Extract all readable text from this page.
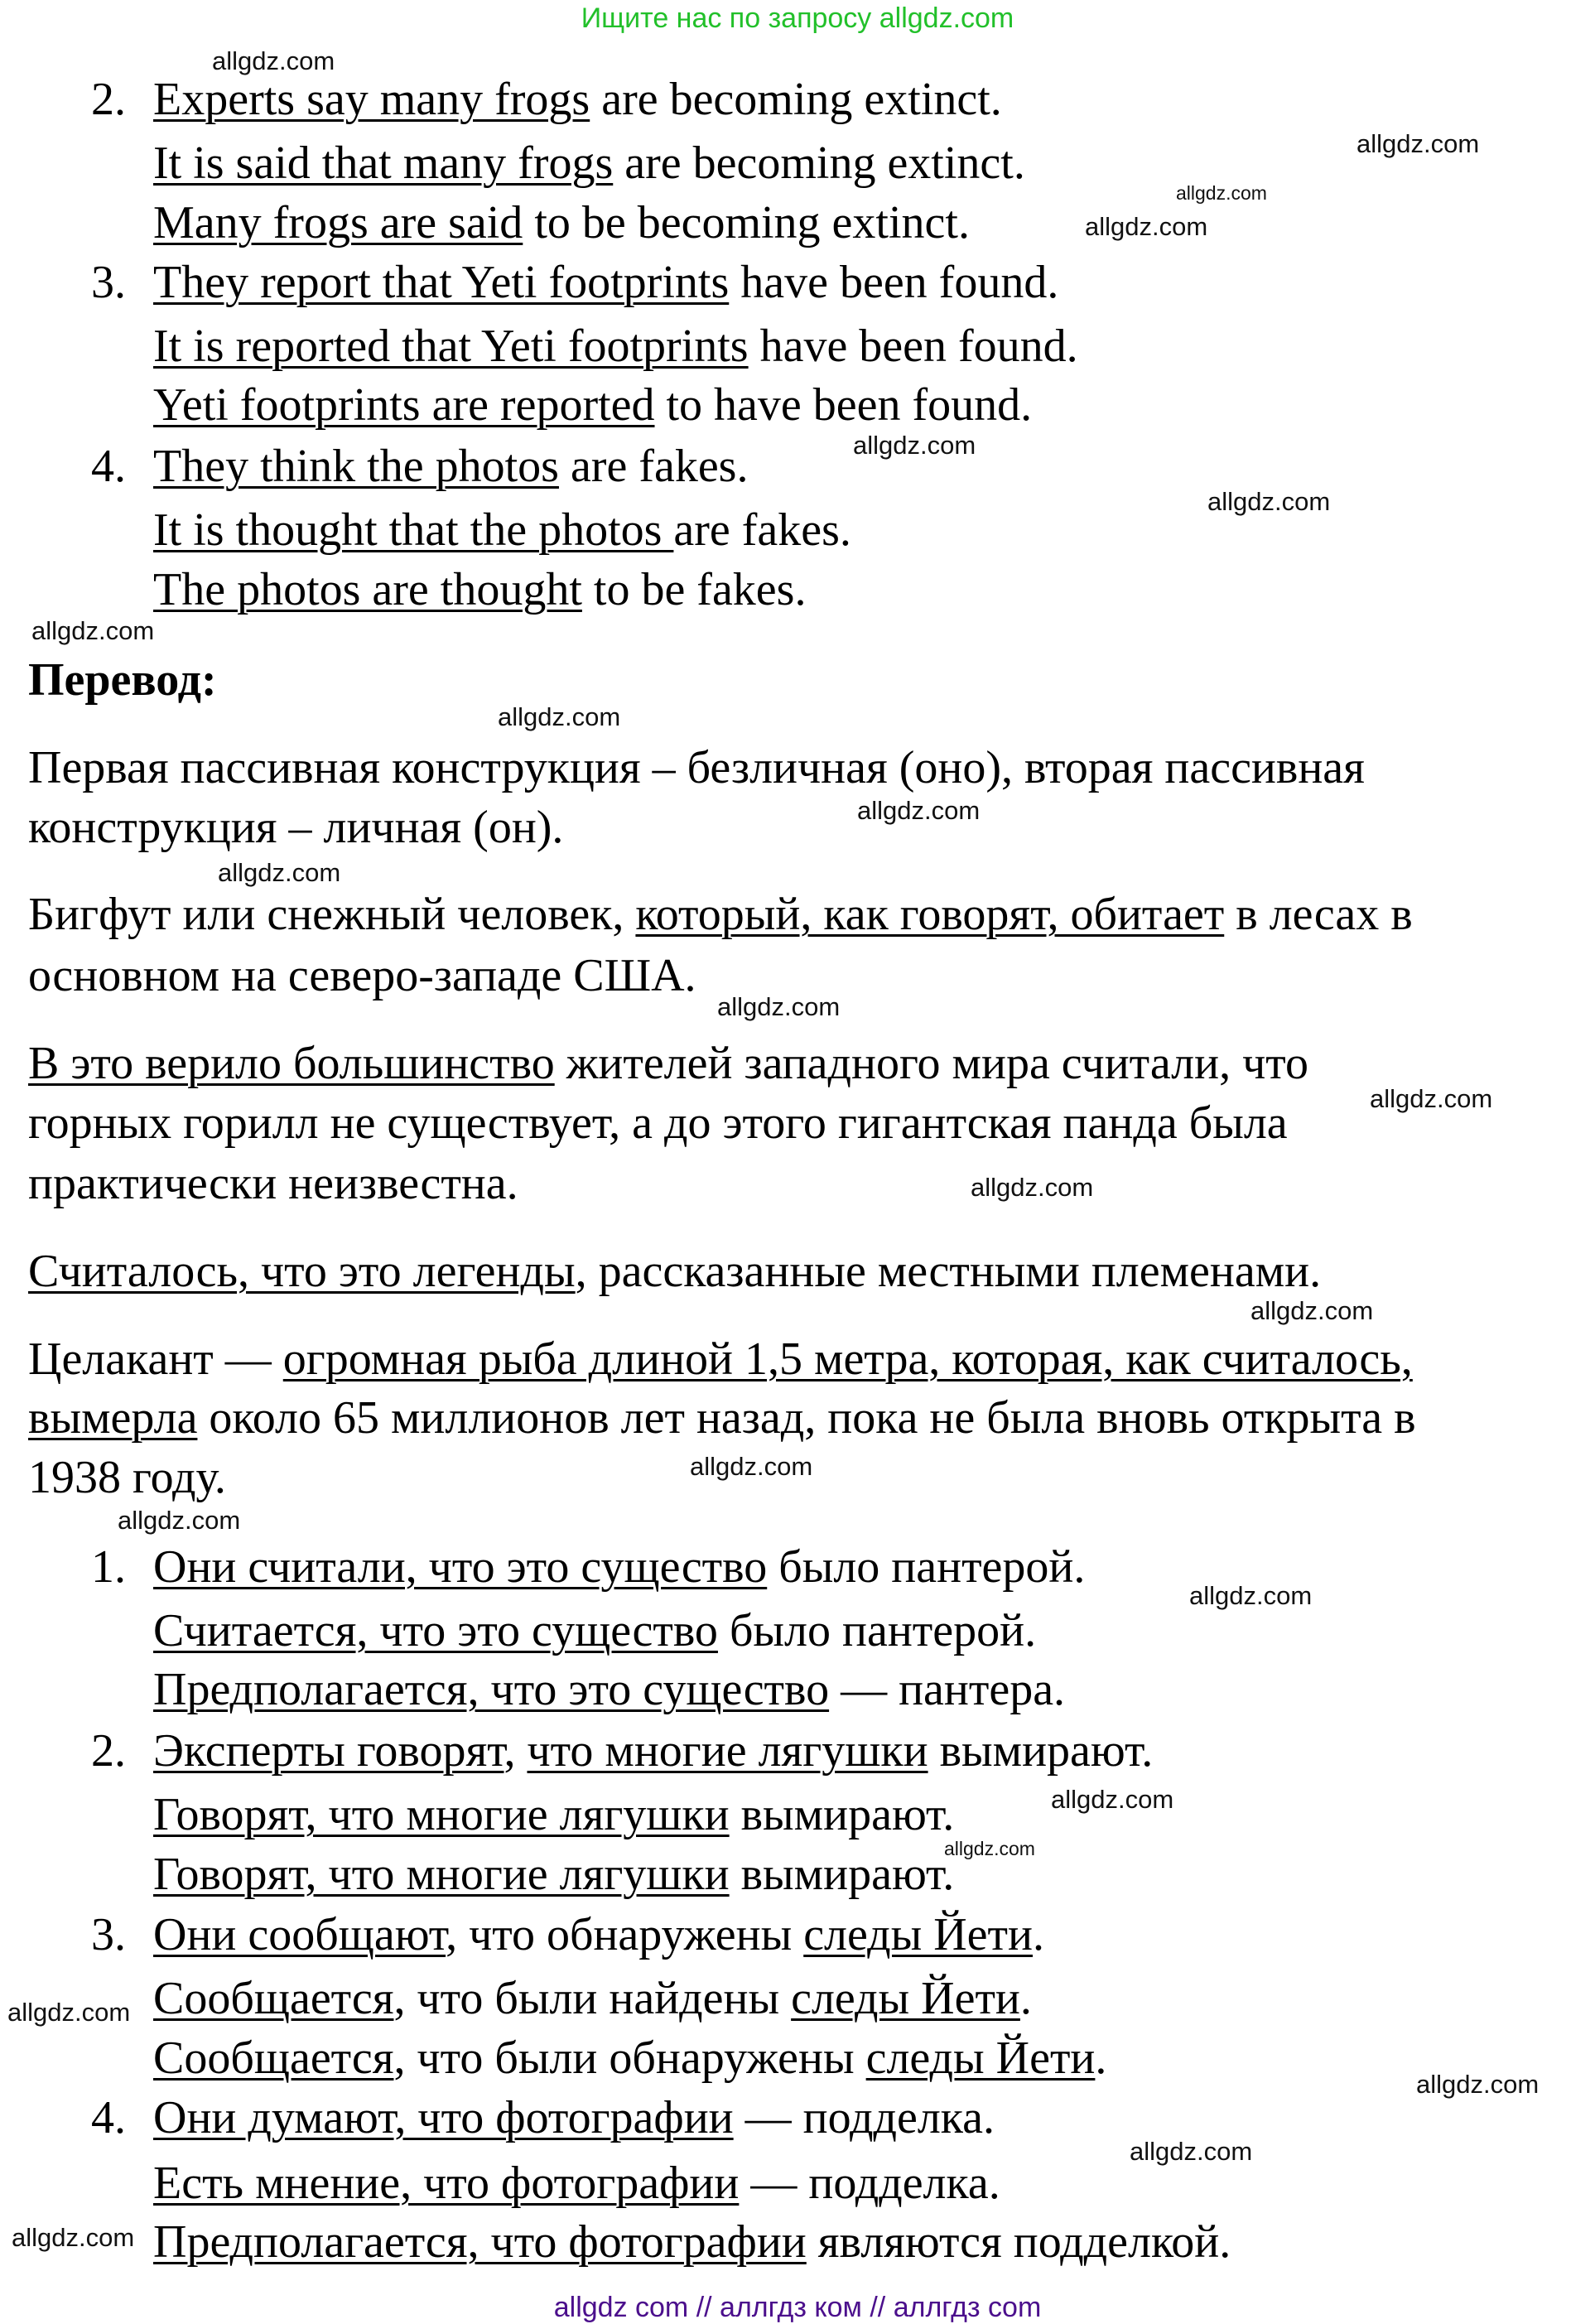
Ищите нас по запросу allgdz.com
2. Experts say many frogs are becoming extinct.
It is said that many frogs are becoming extinct.
Many frogs are said to be becoming extinct.
3. They report that Yeti footprints have been found.
It is reported that Yeti footprints have been found.
Yeti footprints are reported to have been found.
4. They think the photos are fakes.
It is thought that the photos are fakes.
The photos are thought to be fakes.
Перевод:
Первая пассивная конструкция – безличная (оно), вторая пассивная
конструкция – личная (он).
Бигфут или снежный человек, который, как говорят, обитает в лесах в
основном на северо-западе США.
В это верило большинство жителей западного мира считали, что
горных горилл не существует, а до этого гигантская панда была
практически неизвестна.
Считалось, что это легенды, рассказанные местными племенами.
Целакант — огромная рыба длиной 1,5 метра, которая, как считалось,
вымерла около 65 миллионов лет назад, пока не была вновь открыта в
1938 году.
1. Они считали, что это существо было пантерой.
Считается, что это существо было пантерой.
Предполагается, что это существо — пантера.
2. Эксперты говорят, что многие лягушки вымирают.
Говорят, что многие лягушки вымирают.
Говорят, что многие лягушки вымирают.
3. Они сообщают, что обнаружены следы Йети.
Сообщается, что были найдены следы Йети.
Сообщается, что были обнаружены следы Йети.
4. Они думают, что фотографии — подделка.
Есть мнение, что фотографии — подделка.
Предполагается, что фотографии являются подделкой.
allgdz.com
allgdz.com
allgdz.com
allgdz.com
allgdz.com
allgdz.com
allgdz.com
allgdz.com
allgdz.com
allgdz.com
allgdz.com
allgdz.com
allgdz.com
allgdz.com
allgdz.com
allgdz.com
allgdz.com
allgdz.com
allgdz.com
allgdz.com
allgdz.com
allgdz.com
allgdz.com
allgdz com // аллгдз ком // аллгдз com
